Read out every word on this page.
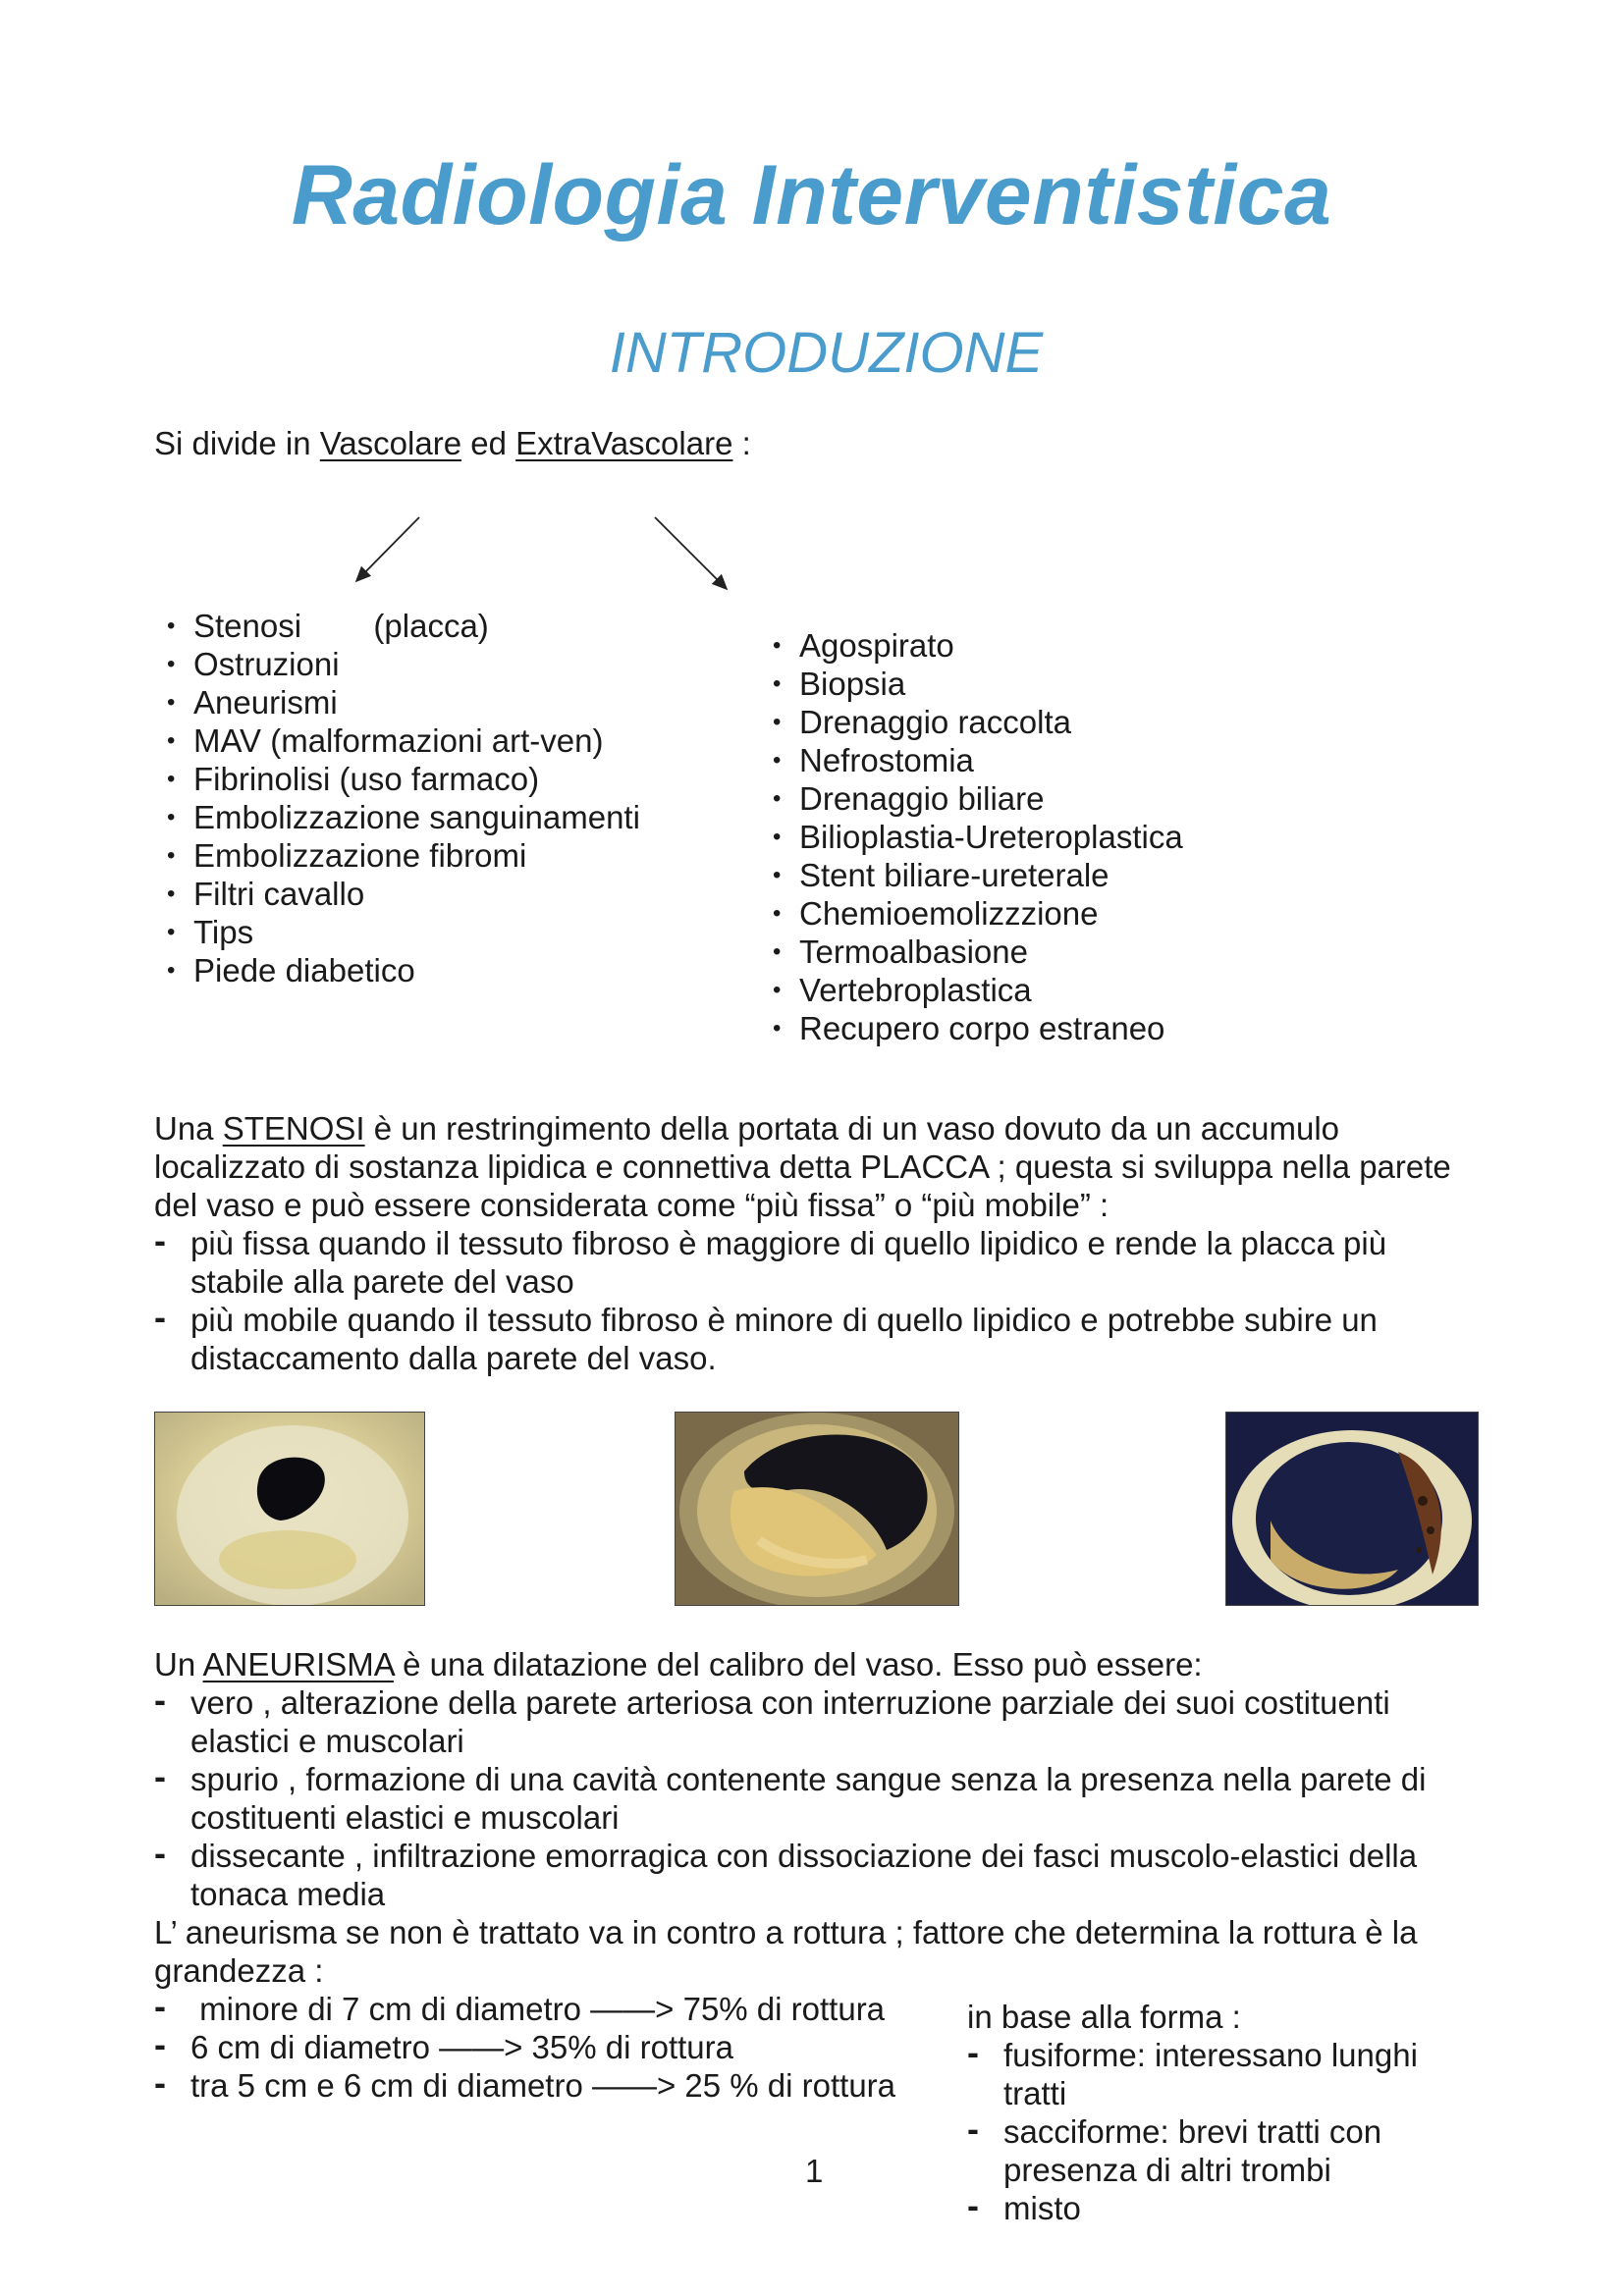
Radiologia Interventistica
INTRODUZIONE
Si divide in Vascolare ed ExtraVascolare :
• Stenosi        (placca)
• Ostruzioni
• Aneurismi
• MAV (malformazioni art-ven)
• Fibrinolisi (uso farmaco)
• Embolizzazione sanguinamenti
• Embolizzazione fibromi
• Filtri cavallo
• Tips
• Piede diabetico
• Agospirato
• Biopsia
• Drenaggio raccolta
• Nefrostomia
• Drenaggio biliare
• Bilioplastia-Ureteroplastica
• Stent biliare-ureterale
• Chemioemolizzzione
• Termoalbasione
• Vertebroplastica
• Recupero corpo estraneo
Una STENOSI è un restringimento della portata di un vaso dovuto da un accumulo
localizzato di sostanza lipidica e connettiva detta PLACCA ; questa si sviluppa nella parete
del vaso e può essere considerata come “più fissa” o “più mobile” :
- più fissa quando il tessuto fibroso è maggiore di quello lipidico e rende la placca più stabile alla parete del vaso
- più mobile quando il tessuto fibroso è minore di quello lipidico e potrebbe subire un distaccamento dalla parete del vaso.
Un ANEURISMA è una dilatazione del calibro del vaso. Esso può essere:
- vero , alterazione della parete arteriosa con interruzione parziale dei suoi costituenti elastici e muscolari
- spurio , formazione di una cavità contenente sangue senza la presenza nella parete di costituenti elastici e muscolari
- dissecante , infiltrazione emorragica con dissociazione dei fasci muscolo-elastici della tonaca media
L’ aneurisma se non è trattato va in contro a rottura ; fattore che determina la rottura è la grandezza :
-  minore di 7 cm di diametro ——> 75% di rottura
- 6 cm di diametro ——> 35% di rottura
- tra 5 cm e 6 cm di diametro ——> 25 % di rottura
in base alla forma :
- fusiforme: interessano lunghi tratti
- sacciforme: brevi tratti con presenza di altri trombi
- misto
1
